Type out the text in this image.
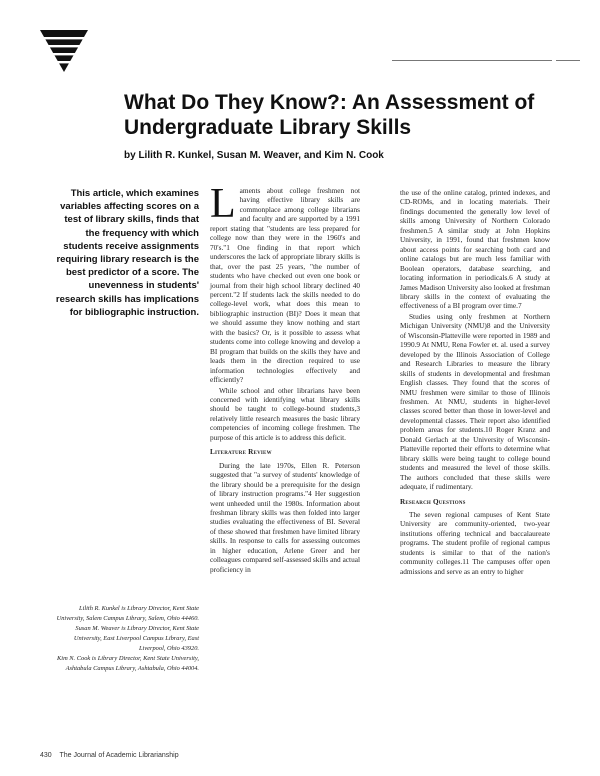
What Do They Know?: An Assessment of Undergraduate Library Skills
by Lilith R. Kunkel, Susan M. Weaver, and Kim N. Cook
This article, which examines variables affecting scores on a test of library skills, finds that the frequency with which students receive assignments requiring library research is the best predictor of a score. The unevenness in students' research skills has implications for bibliographic instruction.

Lilith R. Kunkel is Library Director, Kent State University, Salem Campus Library, Salem, Ohio 44460.

Susan M. Weaver is Library Director, Kent State University, East Liverpool Campus Library, East Liverpool, Ohio 43920.

Kim N. Cook is Library Director, Kent State University, Ashtabula Campus Library, Ashtabula, Ohio 44004.

Laments about college freshmen not having effective library skills are commonplace among college librarians and faculty and are supported by a 1991 report stating that "students are less prepared for college now than they were in the 1960's and 70's."1 One finding in that report which underscores the lack of appropriate library skills is that, over the past 25 years, "the number of students who have checked out even one book or journal from their high school library declined 40 percent."2 If students lack the skills needed to do college-level work, what does this mean to bibliographic instruction (BI)? Does it mean that we should assume they know nothing and start with the basics? Or, is it possible to assess what students come into college knowing and develop a BI program that builds on the skills they have and leads them in the direction required to use information technologies effectively and efficiently?

While school and other librarians have been concerned with identifying what library skills should be taught to college-bound students,3 relatively little research measures the basic library competencies of incoming college freshmen. The purpose of this article is to address this deficit.

Literature Review

During the late 1970s, Ellen R. Peterson suggested that "a survey of students' knowledge of the library should be a prerequisite for the design of library instruction programs."4 Her suggestion went unheeded until the 1980s. Information about freshman library skills was then folded into larger studies evaluating the effectiveness of BI. Several of these showed that freshmen have limited library skills. In response to calls for assessing outcomes in higher education, Arlene Greer and her colleagues compared self-assessed skills and actual proficiency in

the use of the online catalog, printed indexes, and CD-ROMs, and in locating materials. Their findings documented the generally low level of skills among University of Northern Colorado freshmen.5 A similar study at John Hopkins University, in 1991, found that freshmen know about access points for searching both card and online catalogs but are much less familiar with Boolean operators, database searching, and locating information in periodicals.6 A study at James Madison University also looked at freshman library skills in the context of evaluating the effectiveness of a BI program over time.7

Studies using only freshmen at Northern Michigan University (NMU)8 and the University of Wisconsin-Platteville were reported in 1989 and 1990.9 At NMU, Rena Fowler et. al. used a survey developed by the Illinois Association of College and Research Libraries to measure the library skills of students in developmental and freshman English classes. They found that the scores of NMU freshmen were similar to those of Illinois freshmen. At NMU, students in higher-level classes scored better than those in lower-level and developmental classes. Their report also identified problem areas for students.10 Roger Kranz and Donald Gerlach at the University of Wisconsin-Platteville reported their efforts to determine what library skills were being taught to college bound students and measured the level of those skills. The authors concluded that these skills were adequate, if rudimentary.

Research Questions

The seven regional campuses of Kent State University are community-oriented, two-year institutions offering technical and baccalaureate programs. The student profile of regional campus students is similar to that of the nation's community colleges.11 The campuses offer open admissions and serve as an entry to higher

430 The Journal of Academic Librarianship
